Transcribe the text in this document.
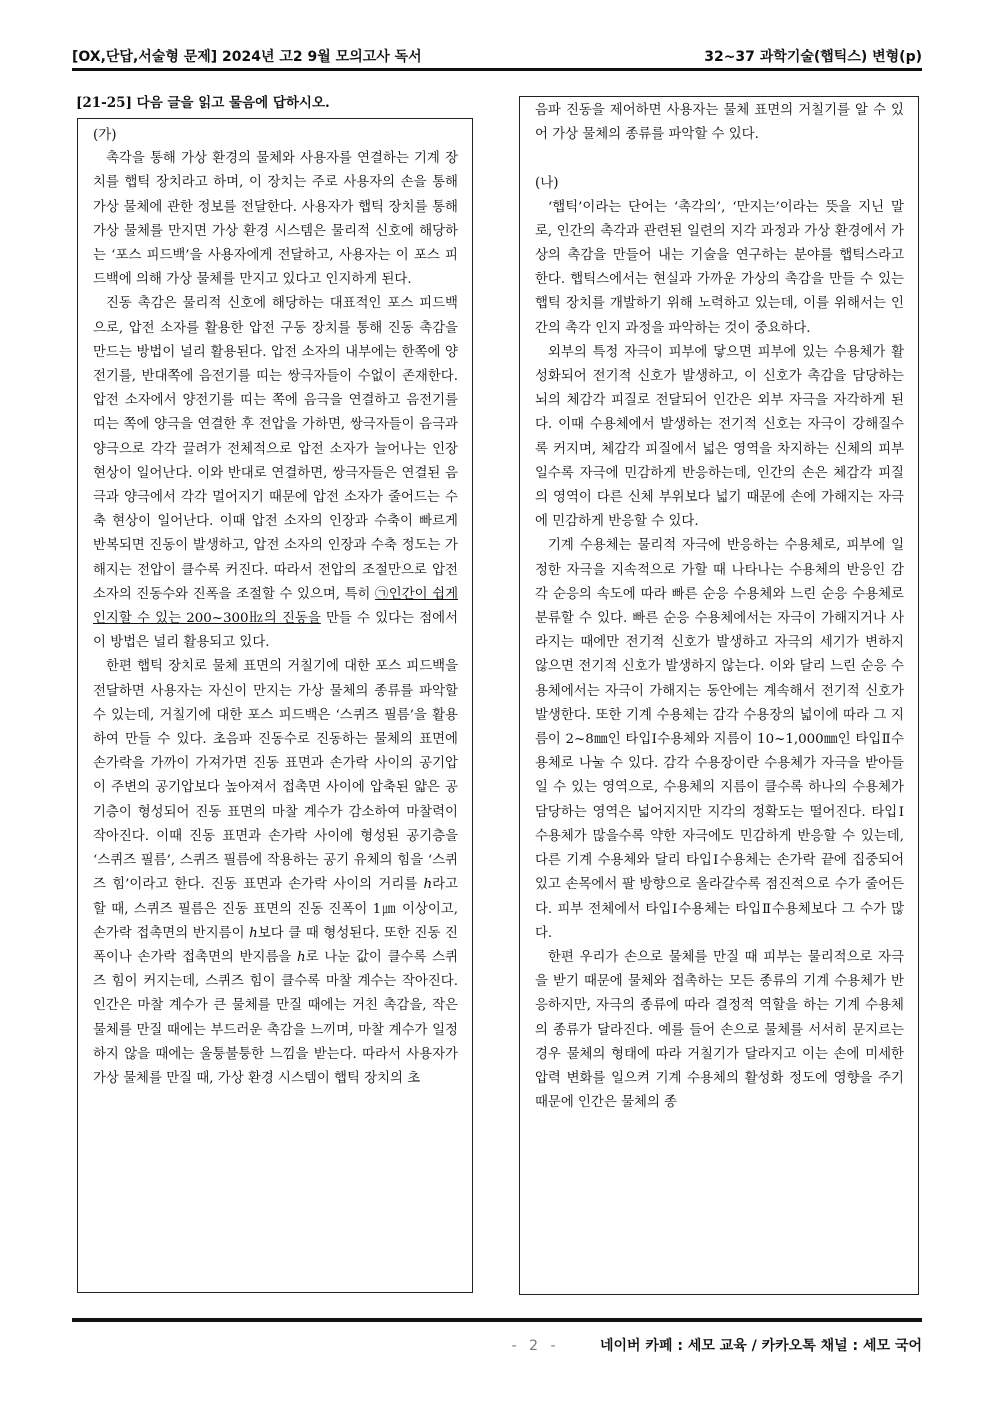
[OX,단답,서술형 문제] 2024년 고2 9월 모의고사 독서	32~37 과학기술(햅틱스) 변형(p)
[21-25] 다음 글을 읽고 물음에 답하시오.

(가)

촉각을 통해 가상 환경의 물체와 사용자를 연결하는 기계 장치를 햅틱 장치라고 하며, 이 장치는 주로 사용자의 손을 통해 가상 물체에 관한 정보를 전달한다. 사용자가 햅틱 장치를 통해 가상 물체를 만지면 가상 환경 시스템은 물리적 신호에 해당하는 ‘포스 피드백’을 사용자에게 전달하고, 사용자는 이 포스 피드백에 의해 가상 물체를 만지고 있다고 인지하게 된다.

진동 촉감은 물리적 신호에 해당하는 대표적인 포스 피드백으로, 압전 소자를 활용한 압전 구동 장치를 통해 진동 촉감을 만드는 방법이 널리 활용된다. 압전 소자의 내부에는 한쪽에 양전기를, 반대쪽에 음전기를 띠는 쌍극자들이 수없이 존재한다. 압전 소자에서 양전기를 띠는 쪽에 음극을 연결하고 음전기를 띠는 쪽에 양극을 연결한 후 전압을 가하면, 쌍극자들이 음극과 양극으로 각각 끌려가 전체적으로 압전 소자가 늘어나는 인장 현상이 일어난다. 이와 반대로 연결하면, 쌍극자들은 연결된 음극과 양극에서 각각 멀어지기 때문에 압전 소자가 줄어드는 수축 현상이 일어난다. 이때 압전 소자의 인장과 수축이 빠르게 반복되면 진동이 발생하고, 압전 소자의 인장과 수축 정도는 가해지는 전압이 클수록 커진다. 따라서 전압의 조절만으로 압전 소자의 진동수와 진폭을 조절할 수 있으며, 특히 ㉠인간이 쉽게 인지할 수 있는 200~300㎐의 진동을 만들 수 있다는 점에서 이 방법은 널리 활용되고 있다.

한편 햅틱 장치로 물체 표면의 거칠기에 대한 포스 피드백을 전달하면 사용자는 자신이 만지는 가상 물체의 종류를 파악할 수 있는데, 거칠기에 대한 포스 피드백은 ‘스퀴즈 필름’을 활용하여 만들 수 있다. 초음파 진동수로 진동하는 물체의 표면에 손가락을 가까이 가져가면 진동 표면과 손가락 사이의 공기압이 주변의 공기압보다 높아져서 접촉면 사이에 압축된 얇은 공기층이 형성되어 진동 표면의 마찰 계수가 감소하여 마찰력이 작아진다. 이때 진동 표면과 손가락 사이에 형성된 공기층을 ‘스퀴즈 필름’, 스퀴즈 필름에 작용하는 공기 유체의 힘을 ‘스퀴즈 힘’이라고 한다. 진동 표면과 손가락 사이의 거리를 ℎ라고 할 때, 스퀴즈 필름은 진동 표면의 진동 진폭이 1㎛ 이상이고, 손가락 접촉면의 반지름이 ℎ보다 클 때 형성된다. 또한 진동 진폭이나 손가락 접촉면의 반지름을 ℎ로 나눈 값이 클수록 스퀴즈 힘이 커지는데, 스퀴즈 힘이 클수록 마찰 계수는 작아진다. 인간은 마찰 계수가 큰 물체를 만질 때에는 거친 촉감을, 작은 물체를 만질 때에는 부드러운 촉감을 느끼며, 마찰 계수가 일정하지 않을 때에는 울퉁불퉁한 느낌을 받는다. 따라서 사용자가 가상 물체를 만질 때, 가상 환경 시스템이 햅틱 장치의 초

음파 진동을 제어하면 사용자는 물체 표면의 거칠기를 알 수 있어 가상 물체의 종류를 파악할 수 있다.

(나)

‘햅틱’이라는 단어는 ‘촉각의’, ‘만지는’이라는 뜻을 지닌 말로, 인간의 촉각과 관련된 일련의 지각 과정과 가상 환경에서 가상의 촉감을 만들어 내는 기술을 연구하는 분야를 햅틱스라고 한다. 햅틱스에서는 현실과 가까운 가상의 촉감을 만들 수 있는 햅틱 장치를 개발하기 위해 노력하고 있는데, 이를 위해서는 인간의 촉각 인지 과정을 파악하는 것이 중요하다.

외부의 특정 자극이 피부에 닿으면 피부에 있는 수용체가 활성화되어 전기적 신호가 발생하고, 이 신호가 촉감을 담당하는 뇌의 체감각 피질로 전달되어 인간은 외부 자극을 자각하게 된다. 이때 수용체에서 발생하는 전기적 신호는 자극이 강해질수록 커지며, 체감각 피질에서 넓은 영역을 차지하는 신체의 피부일수록 자극에 민감하게 반응하는데, 인간의 손은 체감각 피질의 영역이 다른 신체 부위보다 넓기 때문에 손에 가해지는 자극에 민감하게 반응할 수 있다.

기계 수용체는 물리적 자극에 반응하는 수용체로, 피부에 일정한 자극을 지속적으로 가할 때 나타나는 수용체의 반응인 감각 순응의 속도에 따라 빠른 순응 수용체와 느린 순응 수용체로 분류할 수 있다. 빠른 순응 수용체에서는 자극이 가해지거나 사라지는 때에만 전기적 신호가 발생하고 자극의 세기가 변하지 않으면 전기적 신호가 발생하지 않는다. 이와 달리 느린 순응 수용체에서는 자극이 가해지는 동안에는 계속해서 전기적 신호가 발생한다. 또한 기계 수용체는 감각 수용장의 넓이에 따라 그 지름이 2~8㎜인 타입Ⅰ수용체와 지름이 10~1,000㎜인 타입Ⅱ수용체로 나눌 수 있다. 감각 수용장이란 수용체가 자극을 받아들일 수 있는 영역으로, 수용체의 지름이 클수록 하나의 수용체가 담당하는 영역은 넓어지지만 지각의 정확도는 떨어진다. 타입Ⅰ수용체가 많을수록 약한 자극에도 민감하게 반응할 수 있는데, 다른 기계 수용체와 달리 타입Ⅰ수용체는 손가락 끝에 집중되어 있고 손목에서 팔 방향으로 올라갈수록 점진적으로 수가 줄어든다. 피부 전체에서 타입Ⅰ수용체는 타입Ⅱ수용체보다 그 수가 많다.

한편 우리가 손으로 물체를 만질 때 피부는 물리적으로 자극을 받기 때문에 물체와 접촉하는 모든 종류의 기계 수용체가 반응하지만, 자극의 종류에 따라 결정적 역할을 하는 기계 수용체의 종류가 달라진다. 예를 들어 손으로 물체를 서서히 문지르는 경우 물체의 형태에 따라 거칠기가 달라지고 이는 손에 미세한 압력 변화를 일으켜 기계 수용체의 활성화 정도에 영향을 주기 때문에 인간은 물체의 종

- 2 -	네이버 카페 : 세모 교육 / 카카오톡 채널 : 세모 국어
